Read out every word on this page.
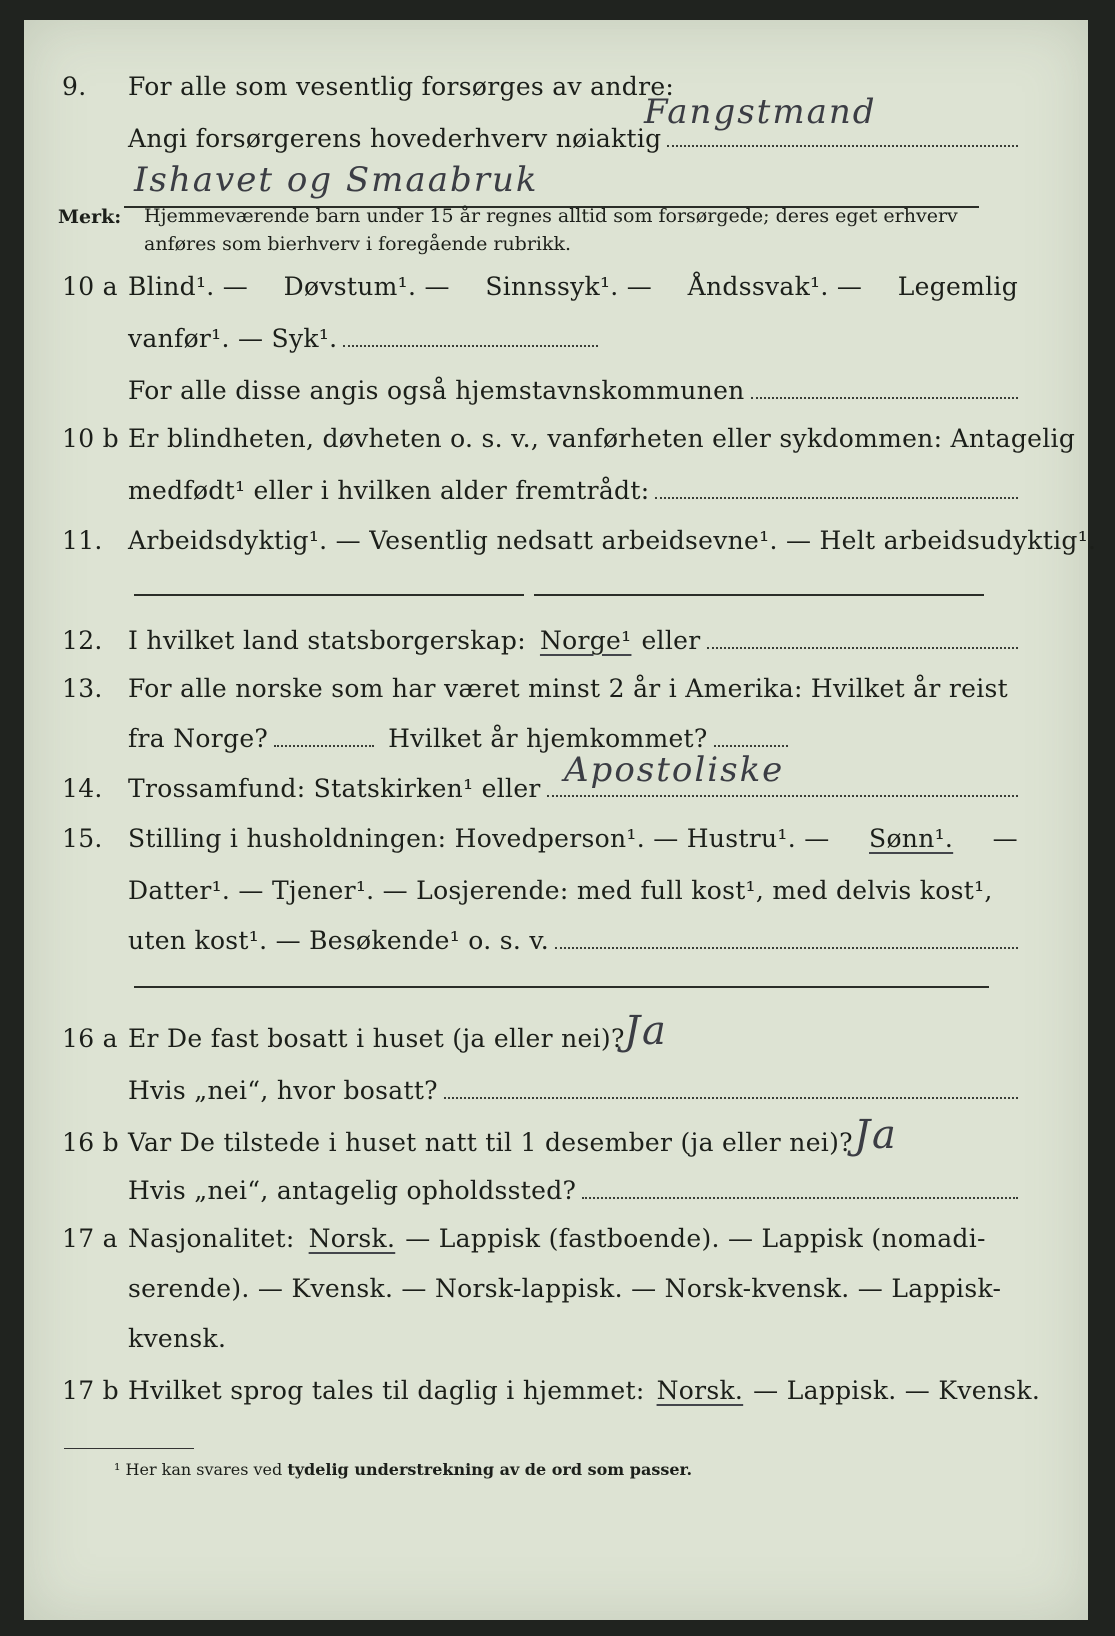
9. For alle som vesentlig forsørges av andre:
Angi forsørgerens hovederhverv nøiaktig
Fangstmand
Ishavet og Smaabruk
Merk: Hjemmeværende barn under 15 år regnes alltid som forsørgede; deres eget erhverv anføres som bierhverv i foregående rubrikk.
10 a Blind¹. — Døvstum¹. — Sinnssyk¹. — Åndssvak¹. — Legemlig
vanfør¹. — Syk¹.
For alle disse angis også hjemstavnskommunen
10 b Er blindheten, døvheten o. s. v., vanførheten eller sykdommen: Antagelig
medfødt¹ eller i hvilken alder fremtrådt:
11. Arbeidsdyktig¹. — Vesentlig nedsatt arbeidsevne¹. — Helt arbeidsudyktig¹.
12. I hvilket land statsborgerskap: Norge¹ eller
13. For alle norske som har været minst 2 år i Amerika: Hvilket år reist
fra Norge?	Hvilket år hjemkommet?
14. Trossamfund: Statskirken¹ eller Apostoliske
15. Stilling i husholdningen: Hovedperson¹. — Hustru¹. — Sønn¹. —
Datter¹. — Tjener¹. — Losjerende: med full kost¹, med delvis kost¹,
uten kost¹. — Besøkende¹ o. s. v.
16 a Er De fast bosatt i huset (ja eller nei)? Ja
Hvis „nei“, hvor bosatt?
16 b Var De tilstede i huset natt til 1 desember (ja eller nei)? Ja
Hvis „nei“, antagelig opholdssted?
17 a Nasjonalitet: Norsk. — Lappisk (fastboende). — Lappisk (nomadi-
serende). — Kvensk. — Norsk-lappisk. — Norsk-kvensk. — Lappisk-
kvensk.
17 b Hvilket sprog tales til daglig i hjemmet: Norsk. — Lappisk. — Kvensk.
¹ Her kan svares ved tydelig understrekning av de ord som passer.
